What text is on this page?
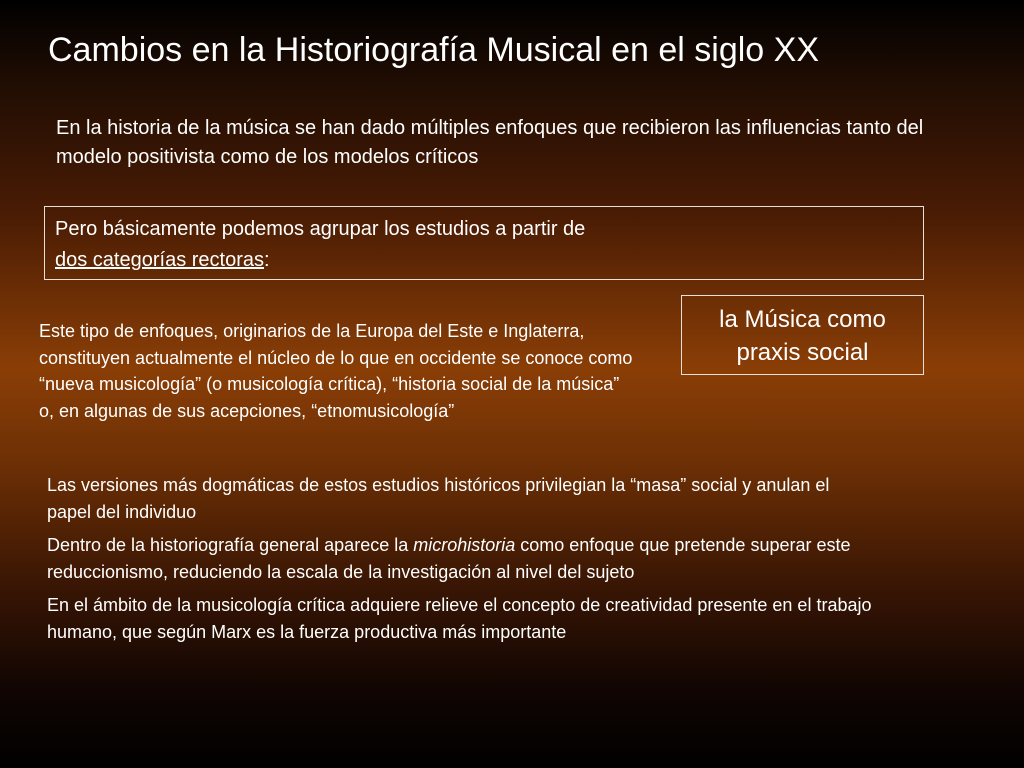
Cambios en la Historiografía Musical en el siglo XX

En la historia de la música se han dado múltiples enfoques que recibieron las influencias tanto del modelo positivista como de los modelos críticos

Pero básicamente podemos agrupar los estudios a partir de
dos categorías rectoras:
la Música como
praxis social

Este tipo de enfoques, originarios de la Europa del Este e Inglaterra, constituyen actualmente el núcleo de lo que en occidente se conoce como “nueva musicología” (o musicología crítica), “historia social de la música” o, en algunas de sus acepciones, “etnomusicología”

Las versiones más dogmáticas de estos estudios históricos privilegian la “masa” social y anulan el papel del individuo

Dentro de la historiografía general aparece la microhistoria como enfoque que pretende superar este reduccionismo, reduciendo la escala de la investigación al nivel del sujeto

En el ámbito de la musicología crítica adquiere relieve el concepto de creatividad presente en el trabajo humano, que según Marx es la fuerza productiva más importante
